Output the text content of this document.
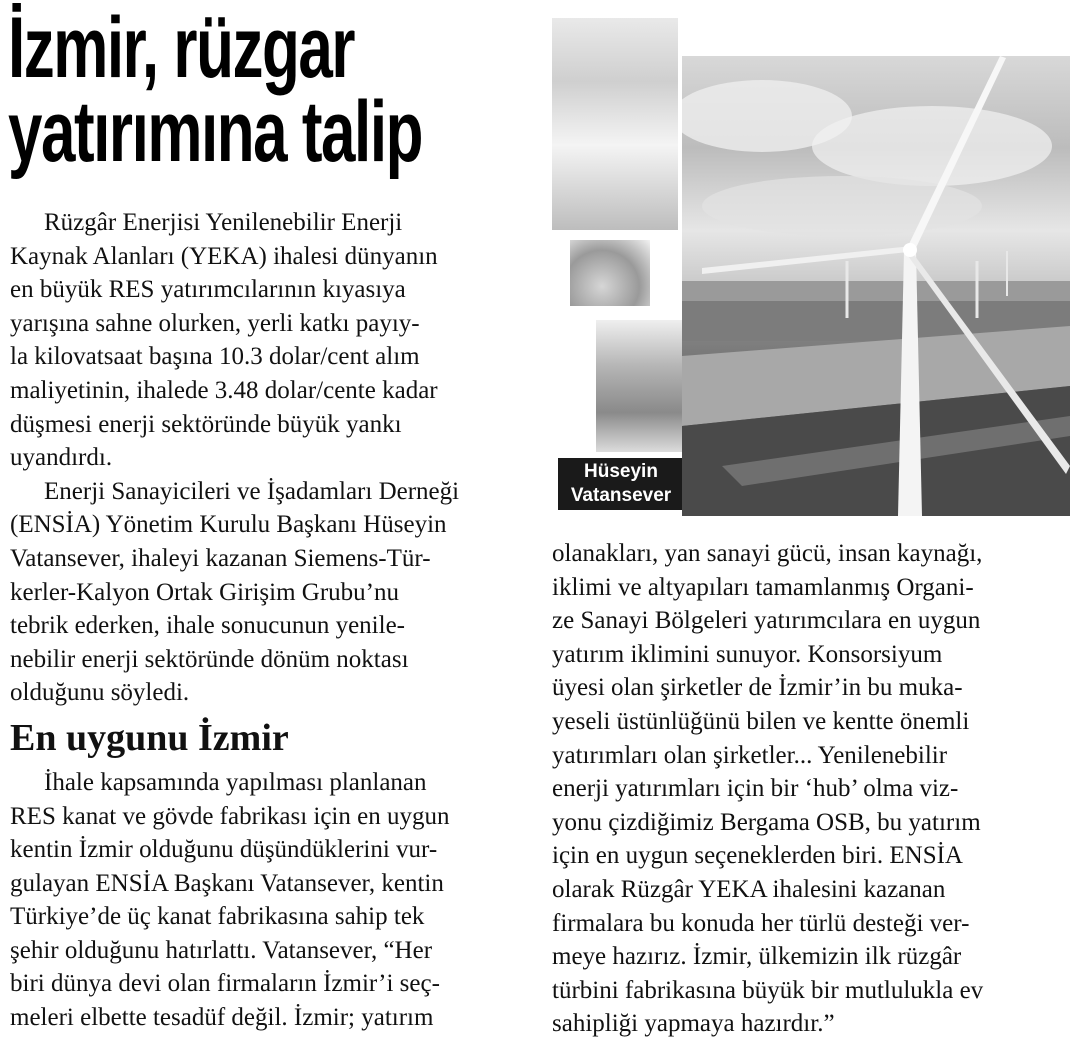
İzmir, rüzgar
yatırımına talip
Hüseyin
Vatansever

Rüzgâr Enerjisi Yenilenebilir Enerji
Kaynak Alanları (YEKA) ihalesi dünyanın
en büyük RES yatırımcılarının kıyasıya
yarışına sahne olurken, yerli katkı payıy-
la kilovatsaat başına 10.3 dolar/cent alım
maliyetinin, ihalede 3.48 dolar/cente kadar
düşmesi enerji sektöründe büyük yankı
uyandırdı.

Enerji Sanayicileri ve İşadamları Derneği
(ENSİA) Yönetim Kurulu Başkanı Hüseyin
Vatansever, ihaleyi kazanan Siemens-Tür-
kerler-Kalyon Ortak Girişim Grubu’nu
tebrik ederken, ihale sonucunun yenile-
nebilir enerji sektöründe dönüm noktası
olduğunu söyledi.

En uygunu İzmir

İhale kapsamında yapılması planlanan
RES kanat ve gövde fabrikası için en uygun
kentin İzmir olduğunu düşündüklerini vur-
gulayan ENSİA Başkanı Vatansever, kentin
Türkiye’de üç kanat fabrikasına sahip tek
şehir olduğunu hatırlattı. Vatansever, “Her
biri dünya devi olan firmaların İzmir’i seç-
meleri elbette tesadüf değil. İzmir; yatırım

olanakları, yan sanayi gücü, insan kaynağı,
iklimi ve altyapıları tamamlanmış Organi-
ze Sanayi Bölgeleri yatırımcılara en uygun
yatırım iklimini sunuyor. Konsorsiyum
üyesi olan şirketler de İzmir’in bu muka-
yeseli üstünlüğünü bilen ve kentte önemli
yatırımları olan şirketler... Yenilenebilir
enerji yatırımları için bir ‘hub’ olma viz-
yonu çizdiğimiz Bergama OSB, bu yatırım
için en uygun seçeneklerden biri. ENSİA
olarak Rüzgâr YEKA ihalesini kazanan
firmalara bu konuda her türlü desteği ver-
meye hazırız. İzmir, ülkemizin ilk rüzgâr
türbini fabrikasına büyük bir mutlulukla ev
sahipliği yapmaya hazırdır.”
